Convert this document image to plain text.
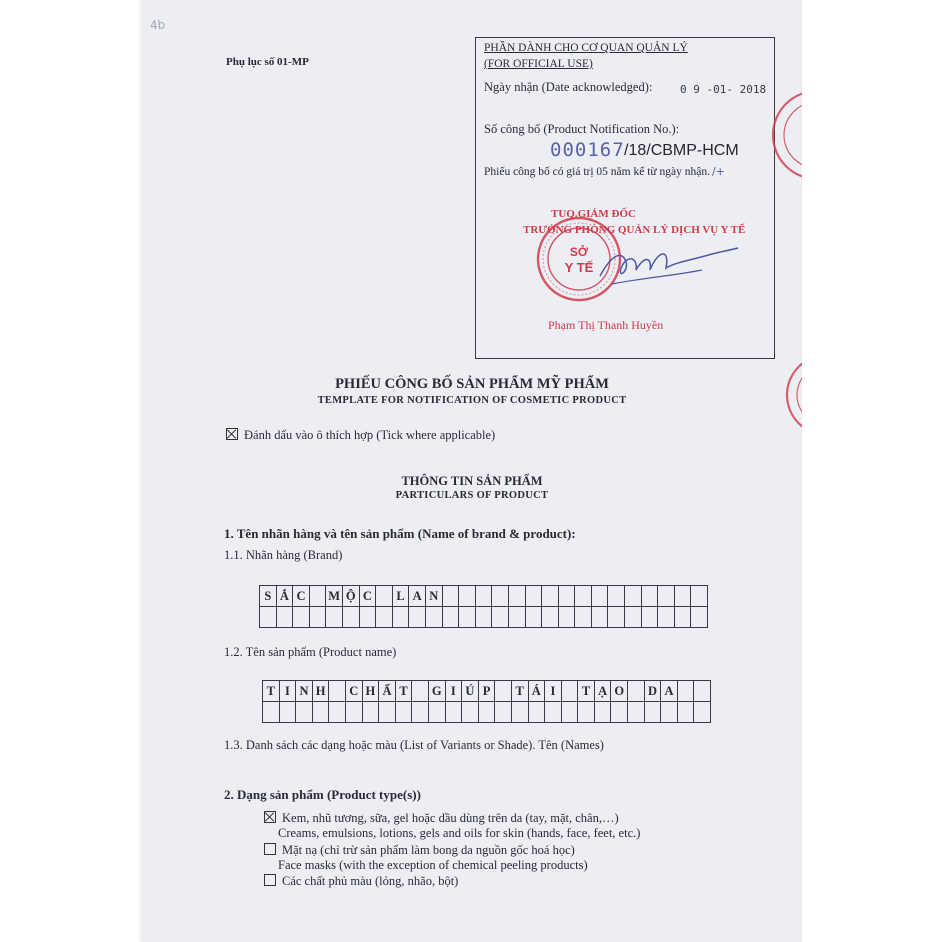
4b
Phụ lục số 01-MP
PHẦN DÀNH CHO CƠ QUAN QUẢN LÝ
(FOR OFFICIAL USE)
Ngày nhận (Date acknowledged):	0 9 -01- 2018
Số công bố (Product Notification No.):
000167 /18/CBMP-HCM
Phiếu công bố có giá trị 05 năm kể từ ngày nhận. /+
TUQ.GIÁM ĐỐC
TRƯỞNG PHÒNG QUẢN LÝ DỊCH VỤ Y TẾ
Phạm Thị Thanh Huyền
SỞ
Y TẾ
PHIẾU CÔNG BỐ SẢN PHẨM MỸ PHẨM
TEMPLATE FOR NOTIFICATION OF COSMETIC PRODUCT
Đánh dấu vào ô thích hợp (Tick where applicable)
THÔNG TIN SẢN PHẨM
PARTICULARS OF PRODUCT
1. Tên nhãn hàng và tên sản phẩm (Name of brand & product):
1.1. Nhãn hàng (Brand)
S	Ắ	C		M	Ộ	C		L	A	N																

1.2. Tên sản phẩm (Product name)
T	I	N	H		C	H	Ấ	T		G	I	Ú	P		T	Á	I		T	Ạ	O		D	A		

1.3. Danh sách các dạng hoặc màu (List of Variants or Shade). Tên (Names)
2. Dạng sản phẩm (Product type(s))
Kem, nhũ tương, sữa, gel hoặc dầu dùng trên da (tay, mặt, chân,…)
Creams, emulsions, lotions, gels and oils for skin (hands, face, feet, etc.)
Mặt nạ (chỉ trừ sản phẩm làm bong da nguồn gốc hoá học)
Face masks (with the exception of chemical peeling products)
Các chất phủ màu (lỏng, nhão, bột)
